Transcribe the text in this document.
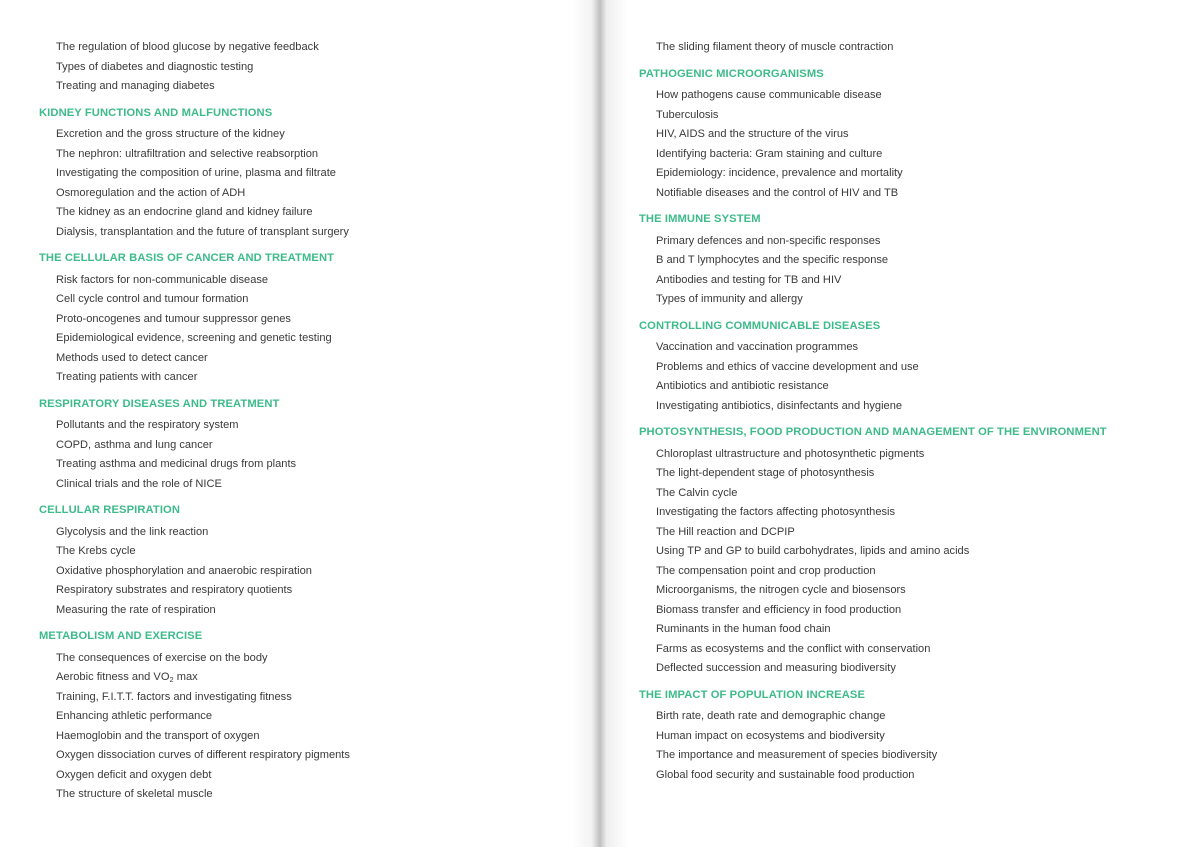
The regulation of blood glucose by negative feedback
Types of diabetes and diagnostic testing
Treating and managing diabetes
KIDNEY FUNCTIONS AND MALFUNCTIONS
Excretion and the gross structure of the kidney
The nephron: ultrafiltration and selective reabsorption
Investigating the composition of urine, plasma and filtrate
Osmoregulation and the action of ADH
The kidney as an endocrine gland and kidney failure
Dialysis, transplantation and the future of transplant surgery
THE CELLULAR BASIS OF CANCER AND TREATMENT
Risk factors for non-communicable disease
Cell cycle control and tumour formation
Proto-oncogenes and tumour suppressor genes
Epidemiological evidence, screening and genetic testing
Methods used to detect cancer
Treating patients with cancer
RESPIRATORY DISEASES AND TREATMENT
Pollutants and the respiratory system
COPD, asthma and lung cancer
Treating asthma and medicinal drugs from plants
Clinical trials and the role of NICE
CELLULAR RESPIRATION
Glycolysis and the link reaction
The Krebs cycle
Oxidative phosphorylation and anaerobic respiration
Respiratory substrates and respiratory quotients
Measuring the rate of respiration
METABOLISM AND EXERCISE
The consequences of exercise on the body
Aerobic fitness and $VO_2$ max
Training, F.I.T.T. factors and investigating fitness
Enhancing athletic performance
Haemoglobin and the transport of oxygen
Oxygen dissociation curves of different respiratory pigments
Oxygen deficit and oxygen debt
The structure of skeletal muscle
The sliding filament theory of muscle contraction
PATHOGENIC MICROORGANISMS
How pathogens cause communicable disease
Tuberculosis
HIV, AIDS and the structure of the virus
Identifying bacteria: Gram staining and culture
Epidemiology: incidence, prevalence and mortality
Notifiable diseases and the control of HIV and TB
THE IMMUNE SYSTEM
Primary defences and non-specific responses
B and T lymphocytes and the specific response
Antibodies and testing for TB and HIV
Types of immunity and allergy
CONTROLLING COMMUNICABLE DISEASES
Vaccination and vaccination programmes
Problems and ethics of vaccine development and use
Antibiotics and antibiotic resistance
Investigating antibiotics, disinfectants and hygiene
PHOTOSYNTHESIS, FOOD PRODUCTION AND MANAGEMENT OF THE ENVIRONMENT
Chloroplast ultrastructure and photosynthetic pigments
The light-dependent stage of photosynthesis
The Calvin cycle
Investigating the factors affecting photosynthesis
The Hill reaction and DCPIP
Using TP and GP to build carbohydrates, lipids and amino acids
The compensation point and crop production
Microorganisms, the nitrogen cycle and biosensors
Biomass transfer and efficiency in food production
Ruminants in the human food chain
Farms as ecosystems and the conflict with conservation
Deflected succession and measuring biodiversity
THE IMPACT OF POPULATION INCREASE
Birth rate, death rate and demographic change
Human impact on ecosystems and biodiversity
The importance and measurement of species biodiversity
Global food security and sustainable food production
